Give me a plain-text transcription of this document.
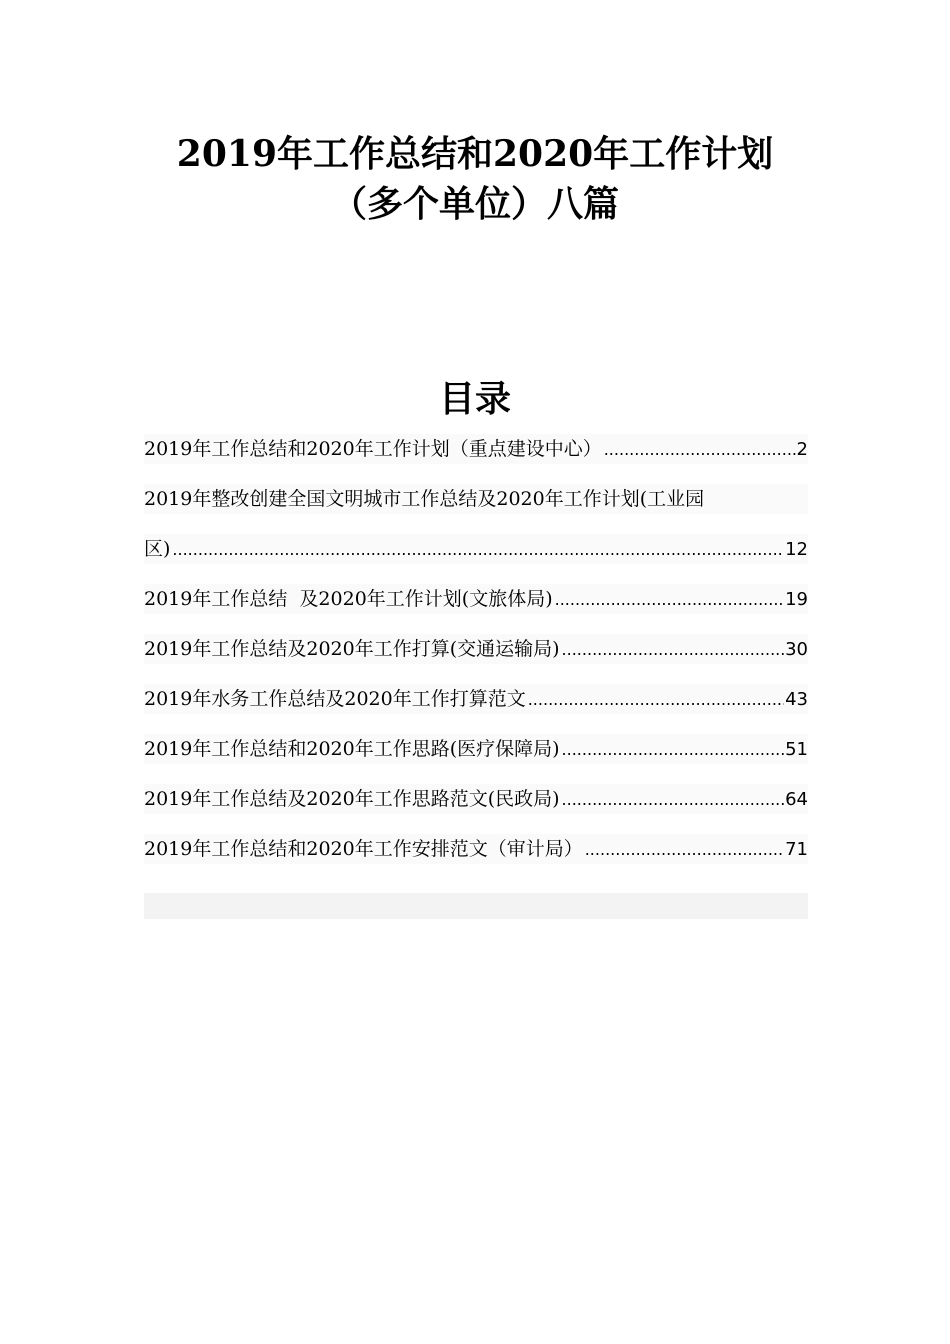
2019年工作总结和2020年工作计划
（多个单位）八篇
目录
2019年工作总结和2020年工作计划（重点建设中心） .....	2
2019年整改创建全国文明城市工作总结及2020年工作计划(工业园
区) .....	12
2019年工作总结  及2020年工作计划(文旅体局) .....	19
2019年工作总结及2020年工作打算(交通运输局) .....	30
2019年水务工作总结及2020年工作打算范文 .....	43
2019年工作总结和2020年工作思路(医疗保障局) .....	51
2019年工作总结及2020年工作思路范文(民政局) .....	64
2019年工作总结和2020年工作安排范文（审计局） .....	71
